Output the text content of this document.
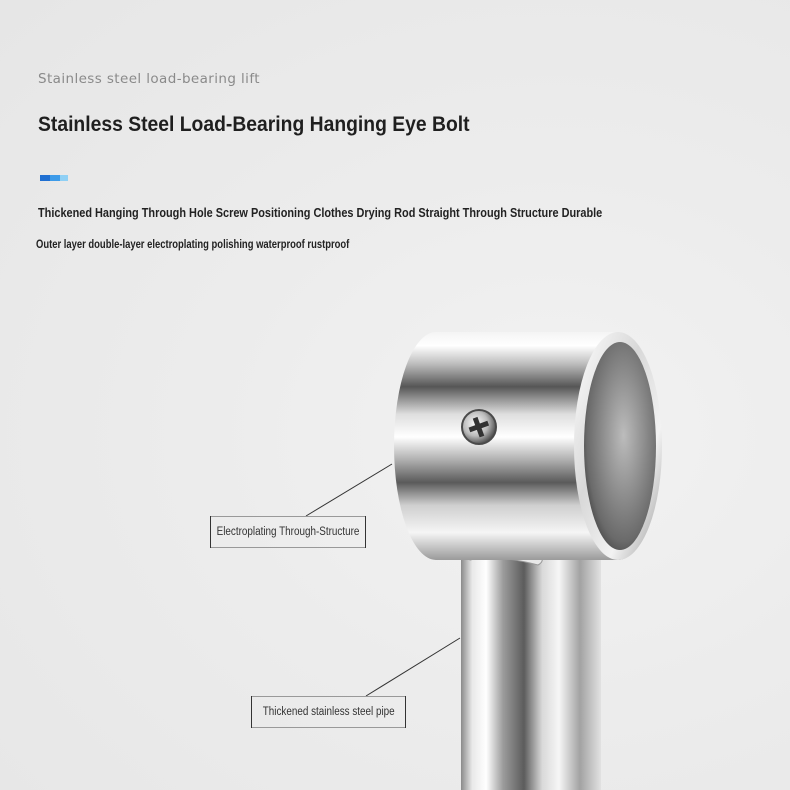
Stainless steel load-bearing lift
Stainless Steel Load-Bearing Hanging Eye Bolt
Thickened Hanging Through Hole Screw Positioning Clothes Drying Rod Straight Through Structure Durable
Outer layer double-layer electroplating polishing waterproof rustproof
Electroplating Through-Structure
Thickened stainless steel pipe
